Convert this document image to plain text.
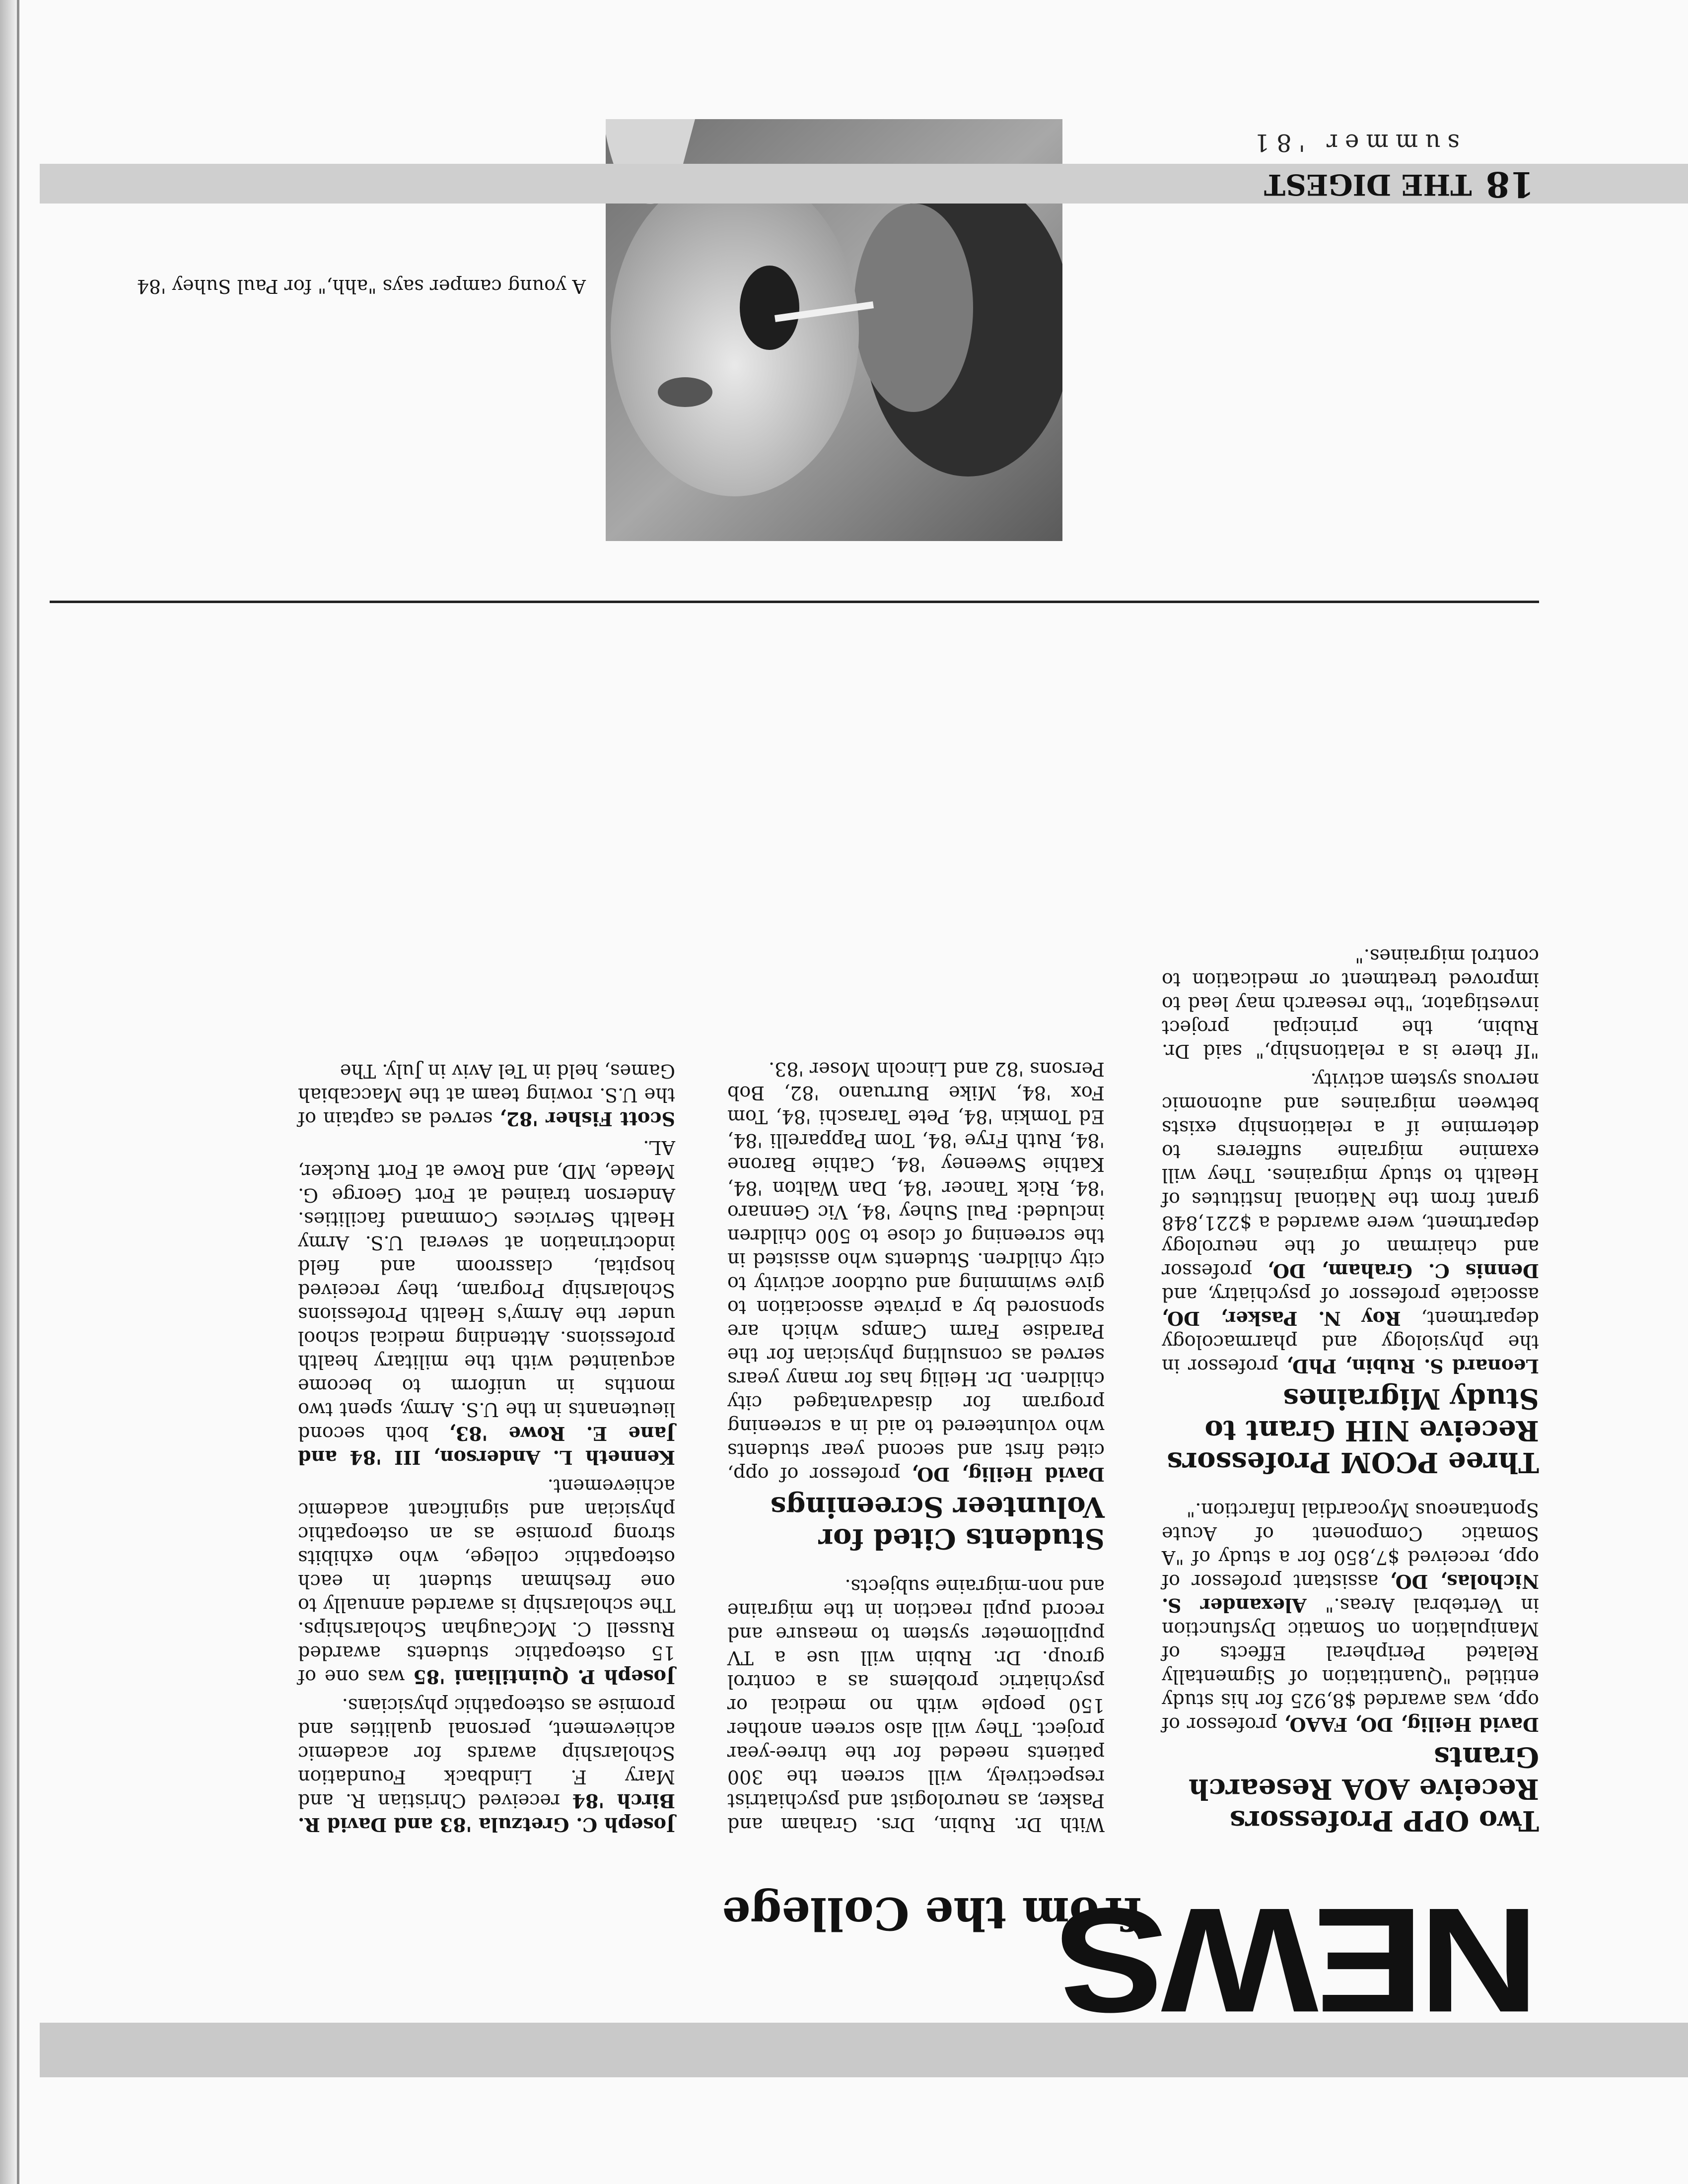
NEWS
from the College
Two OPP Professors Receive AOA Research Grants

David Heilig, DO, FAAO, professor of opp, was awarded $8,925 for his study entitled "Quantitation of Sigmentally Related Peripheral Effects of Manipulation on Somatic Dysfunction in Vertebral Areas." Alexander S. Nicholas, DO, assistant professor of opp, received $7,850 for a study of "A Somatic Component of Acute Spontaneous Myocardial Infarction."

Three PCOM Professors Receive NIH Grant to Study Migraines

Leonard S. Rubin, PhD, professor in the physiology and pharmacology department, Roy N. Pasker, DO, associate professor of psychiatry, and Dennis C. Graham, DO, professor and chairman of the neurology department, were awarded a $221,848 grant from the National Institutes of Health to study migraines. They will examine migraine sufferers to determine if a relationship exists between migraines and autonomic nervous system activity.

"If there is a relationship," said Dr. Rubin, the principal project investigator, "the research may lead to improved treatment or medication to control migraines."

With Dr. Rubin, Drs. Graham and Pasker, as neurologist and psychiatrist respectively, will screen the 300 patients needed for the three-year project. They will also screen another 150 people with no medical or psychiatric problems as a control group. Dr. Rubin will use a TV pupillometer system to measure and record pupil reaction in the migraine and non-migraine subjects.

Students Cited for Volunteer Screenings

David Heilig, DO, professor of opp, cited first and second year students who volunteered to aid in a screening program for disadvantaged city children. Dr. Heilig has for many years served as consulting physician for the Paradise Farm Camps which are sponsored by a private association to give swimming and outdoor activity to city children. Students who assisted in the screening of close to 500 children included: Paul Suhey '84, Vic Gennaro '84, Rick Tancer '84, Dan Walton '84, Kathie Sweeney '84, Cathie Barone '84, Ruth Frye '84, Tom Papparelli '84, Ed Tomkin '84, Pete Taraschi '84, Tom Fox '84, Mike Burruano '82, Bob Persons '82 and Lincoln Moser '83.

Joseph C. Gretzula '83 and David R. Birch '84 received Christian R. and Mary F. Lindback Foundation Scholarship awards for academic achievement, personal qualities and promise as osteopathic physicians.

Joseph P. Quintiliani '85 was one of 15 osteopathic students awarded Russell C. McCaughan Scholarships. The scholarship is awarded annually to one freshman student in each osteopathic college, who exhibits strong promise as an osteopathic physician and significant academic achievement.

Kenneth L. Anderson, III '84 and Jane E. Rowe '83, both second lieutenants in the U.S. Army, spent two months in uniform to become acquainted with the military health professions. Attending medical school under the Army's Health Professions Scholarship Program, they received hospital, classroom and field indoctrination at several U.S. Army Health Services Command facilities. Anderson trained at Fort George G. Meade, MD, and Rowe at Fort Rucker, AL.

Scott Fisher '82, served as captain of the U.S. rowing team at the Maccabiah Games, held in Tel Aviv in July. The

A young camper says "ahh," for Paul Suhey '84
18
THE DIGEST
summer '81
